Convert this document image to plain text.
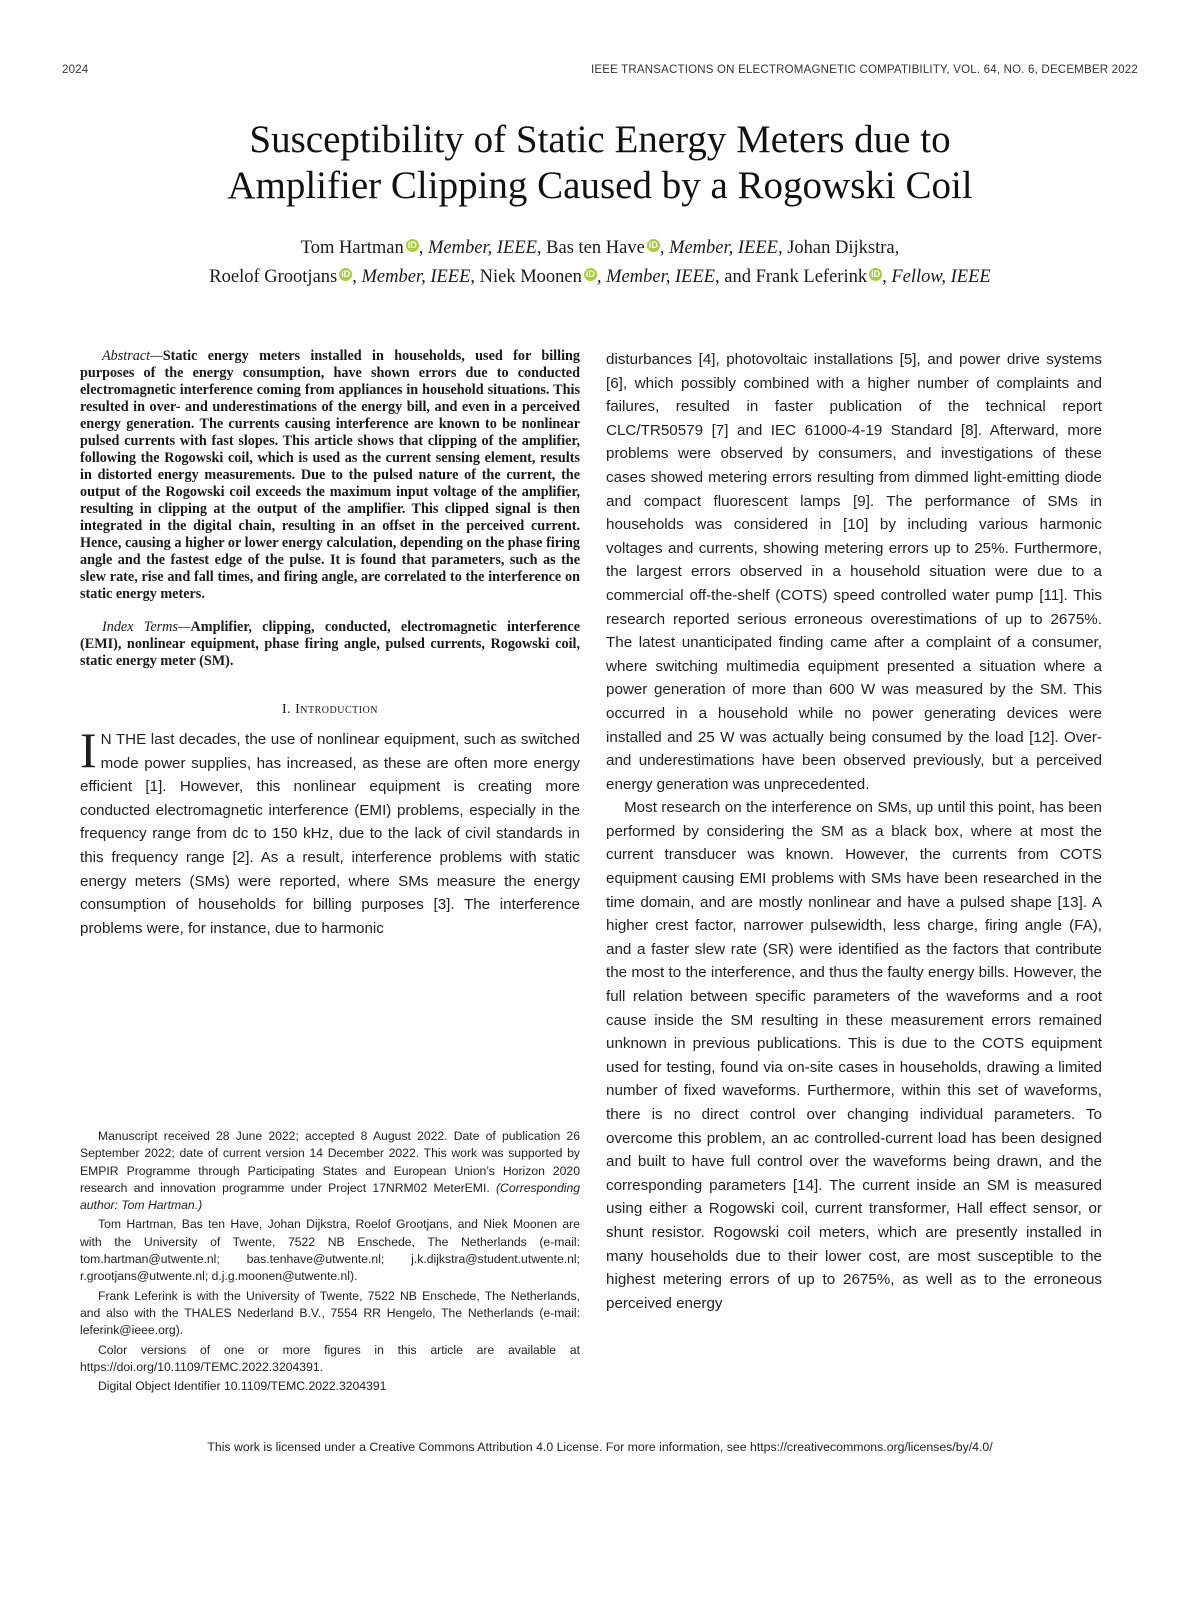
2024	IEEE TRANSACTIONS ON ELECTROMAGNETIC COMPATIBILITY, VOL. 64, NO. 6, DECEMBER 2022
Susceptibility of Static Energy Meters due to
Amplifier Clipping Caused by a Rogowski Coil
Tom Hartman iD , Member, IEEE, Bas ten Have iD , Member, IEEE, Johan Dijkstra,
Roelof Grootjans iD , Member, IEEE, Niek Moonen iD , Member, IEEE, and Frank Leferink iD , Fellow, IEEE

Abstract—Static energy meters installed in households, used for billing purposes of the energy consumption, have shown errors due to conducted electromagnetic interference coming from appliances in household situations. This resulted in over- and underestimations of the energy bill, and even in a perceived energy generation. The currents causing interference are known to be nonlinear pulsed currents with fast slopes. This article shows that clipping of the amplifier, following the Rogowski coil, which is used as the current sensing element, results in distorted energy measurements. Due to the pulsed nature of the current, the output of the Rogowski coil exceeds the maximum input voltage of the amplifier, resulting in clipping at the output of the amplifier. This clipped signal is then integrated in the digital chain, resulting in an offset in the perceived current. Hence, causing a higher or lower energy calculation, depending on the phase firing angle and the fastest edge of the pulse. It is found that parameters, such as the slew rate, rise and fall times, and firing angle, are correlated to the interference on static energy meters.

Index Terms—Amplifier, clipping, conducted, electromagnetic interference (EMI), nonlinear equipment, phase firing angle, pulsed currents, Rogowski coil, static energy meter (SM).

I. Introduction

I N THE last decades, the use of nonlinear equipment, such as switched mode power supplies, has increased, as these are often more energy efficient [1]. However, this nonlinear equipment is creating more conducted electromagnetic interference (EMI) problems, especially in the frequency range from dc to 150 kHz, due to the lack of civil standards in this frequency range [2]. As a result, interference problems with static energy meters (SMs) were reported, where SMs measure the energy consumption of households for billing purposes [3]. The interference problems were, for instance, due to harmonic

disturbances [4], photovoltaic installations [5], and power drive systems [6], which possibly combined with a higher number of complaints and failures, resulted in faster publication of the technical report CLC/TR50579 [7] and IEC 61000-4-19 Standard [8]. Afterward, more problems were observed by consumers, and investigations of these cases showed metering errors resulting from dimmed light-emitting diode and compact fluorescent lamps [9]. The performance of SMs in households was considered in [10] by including various harmonic voltages and currents, showing metering errors up to 25%. Furthermore, the largest errors observed in a household situation were due to a commercial off-the-shelf (COTS) speed controlled water pump [11]. This research reported serious erroneous overestimations of up to 2675%. The latest unanticipated finding came after a complaint of a consumer, where switching multimedia equipment presented a situation where a power generation of more than 600 W was measured by the SM. This occurred in a household while no power generating devices were installed and 25 W was actually being consumed by the load [12]. Over- and underestimations have been observed previously, but a perceived energy generation was unprecedented.

Most research on the interference on SMs, up until this point, has been performed by considering the SM as a black box, where at most the current transducer was known. However, the currents from COTS equipment causing EMI problems with SMs have been researched in the time domain, and are mostly nonlinear and have a pulsed shape [13]. A higher crest factor, narrower pulsewidth, less charge, firing angle (FA), and a faster slew rate (SR) were identified as the factors that contribute the most to the interference, and thus the faulty energy bills. However, the full relation between specific parameters of the waveforms and a root cause inside the SM resulting in these measurement errors remained unknown in previous publications. This is due to the COTS equipment used for testing, found via on-site cases in households, drawing a limited number of fixed waveforms. Furthermore, within this set of waveforms, there is no direct control over changing individual parameters. To overcome this problem, an ac controlled-current load has been designed and built to have full control over the waveforms being drawn, and the corresponding parameters [14]. The current inside an SM is measured using either a Rogowski coil, current transformer, Hall effect sensor, or shunt resistor. Rogowski coil meters, which are presently installed in many households due to their lower cost, are most susceptible to the highest metering errors of up to 2675%, as well as to the erroneous perceived energy

Manuscript received 28 June 2022; accepted 8 August 2022. Date of publication 26 September 2022; date of current version 14 December 2022. This work was supported by EMPIR Programme through Participating States and European Union’s Horizon 2020 research and innovation programme under Project 17NRM02 MeterEMI. (Corresponding author: Tom Hartman.)

Tom Hartman, Bas ten Have, Johan Dijkstra, Roelof Grootjans, and Niek Moonen are with the University of Twente, 7522 NB Enschede, The Netherlands (e-mail: tom.hartman@utwente.nl; bas.tenhave@utwente.nl; j.k.dijkstra@student.utwente.nl; r.grootjans@utwente.nl; d.j.g.moonen@utwente.nl).

Frank Leferink is with the University of Twente, 7522 NB Enschede, The Netherlands, and also with the THALES Nederland B.V., 7554 RR Hengelo, The Netherlands (e-mail: leferink@ieee.org).

Color versions of one or more figures in this article are available at https://doi.org/10.1109/TEMC.2022.3204391.

Digital Object Identifier 10.1109/TEMC.2022.3204391

This work is licensed under a Creative Commons Attribution 4.0 License. For more information, see https://creativecommons.org/licenses/by/4.0/
